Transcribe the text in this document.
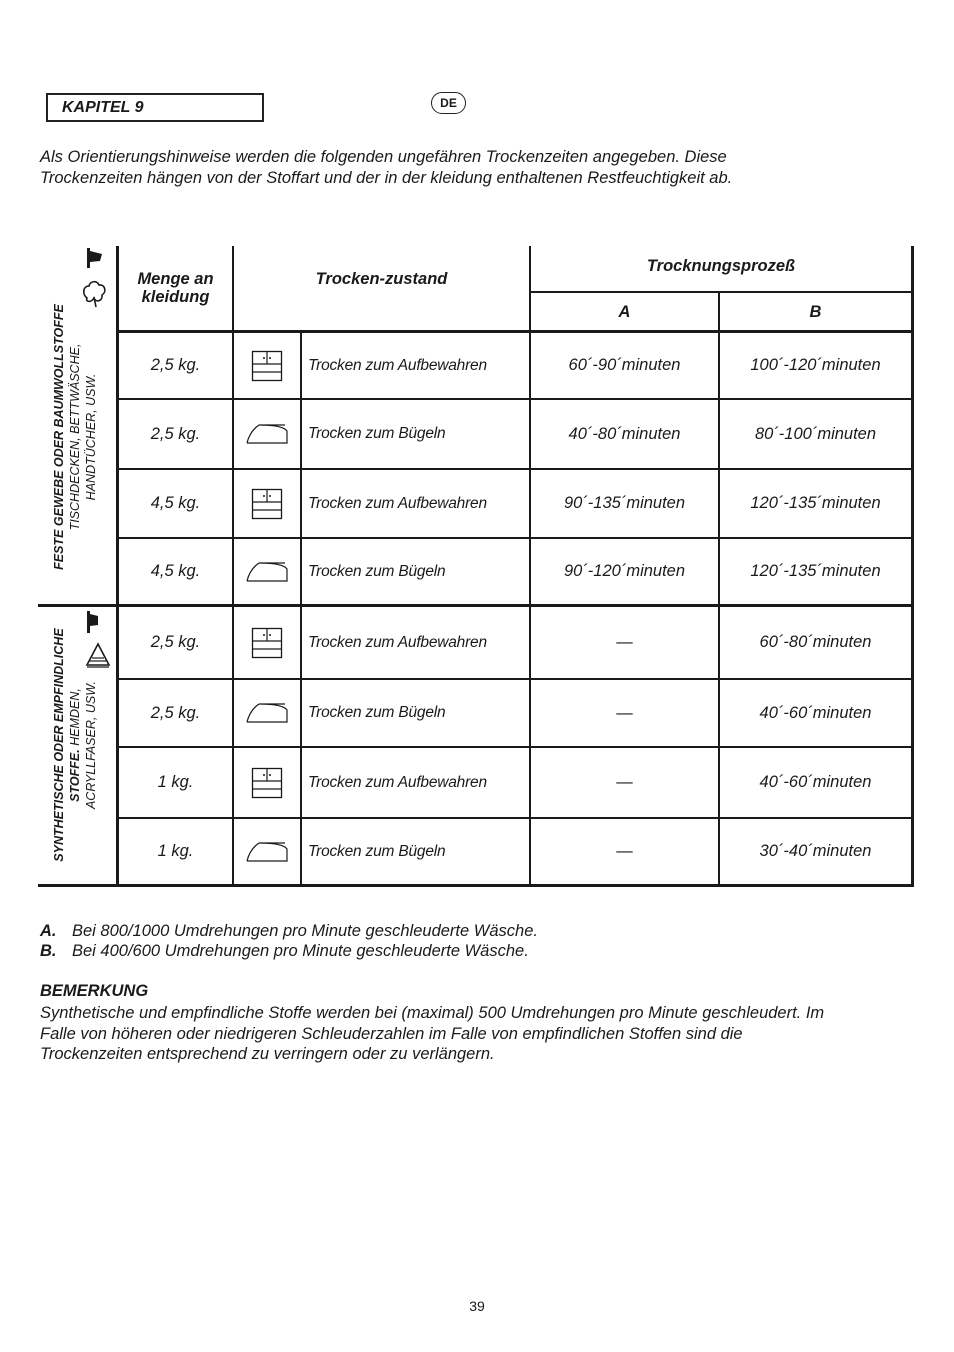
KAPITEL 9	DE
Als Orientierungshinweise werden die folgenden ungefähren Trockenzeiten angegeben. Diese
Trockenzeiten hängen von der Stoffart und der in der kleidung enthaltenen Restfeuchtigkeit ab.
Menge an kleidung
Trocken-zustand
Trocknungsprozeß
A	B
FESTE GEWEBE ODER BAUMWOLLSTOFFE TISCHDECKEN, BETTWÄSCHE, HANDTÜCHER, USW.
SYNTHETISCHE ODER EMPFINDLICHE STOFFE. HEMDEN, ACRYLLFASER, USW.
2,5 kg.	Trocken zum Aufbewahren	60´-90´minuten	100´-120´minuten
2,5 kg.	Trocken zum Bügeln	40´-80´minuten	80´-100´minuten
4,5 kg.	Trocken zum Aufbewahren	90´-135´minuten	120´-135´minuten
4,5 kg.	Trocken zum Bügeln	90´-120´minuten	120´-135´minuten
2,5 kg.	Trocken zum Aufbewahren	—	60´-80´minuten
2,5 kg.	Trocken zum Bügeln	—	40´-60´minuten
1 kg.	Trocken zum Aufbewahren	—	40´-60´minuten
1 kg.	Trocken zum Bügeln	—	30´-40´minuten
A. Bei 800/1000 Umdrehungen pro Minute geschleuderte Wäsche.
B. Bei 400/600 Umdrehungen pro Minute geschleuderte Wäsche.
BEMERKUNG
Synthetische und empfindliche Stoffe werden bei (maximal) 500 Umdrehungen pro Minute geschleudert. Im
Falle von höheren oder niedrigeren Schleuderzahlen im Falle von empfindlichen Stoffen sind die
Trockenzeiten entsprechend zu verringern oder zu verlängern.
39
